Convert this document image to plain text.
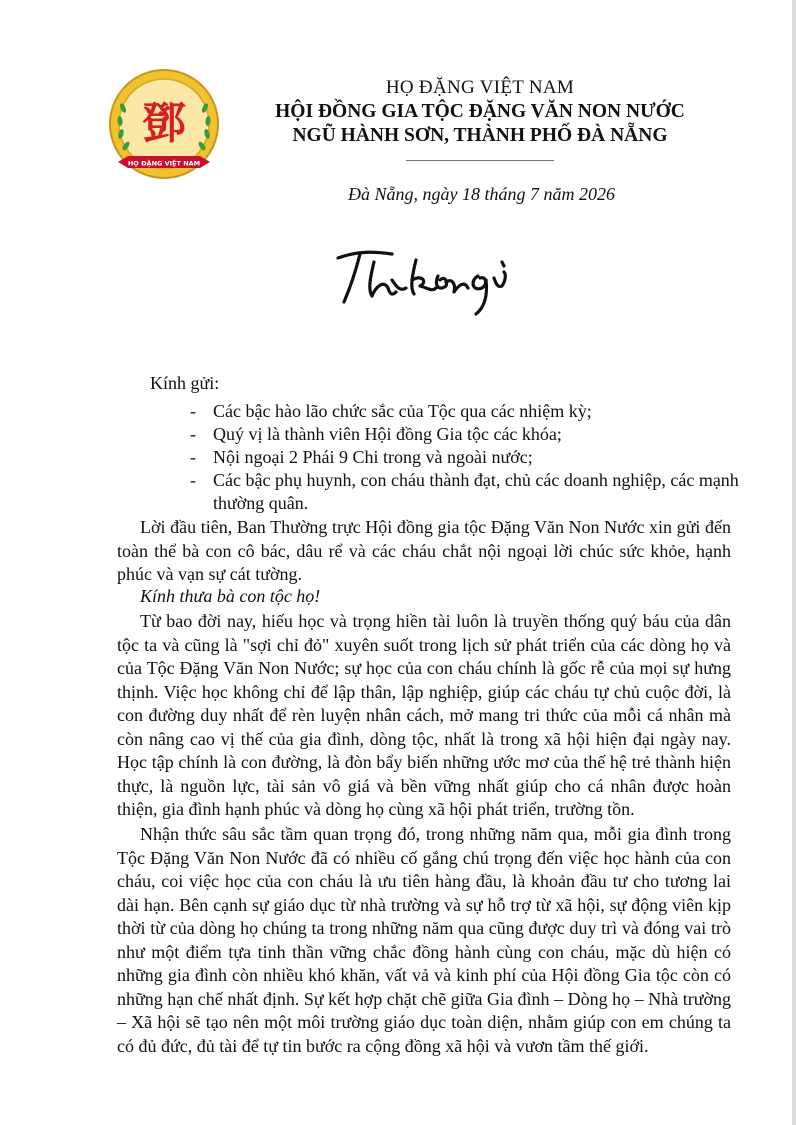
鄧
HỌ ĐẶNG VIỆT NAM
HỌ ĐẶNG VIỆT NAM
HỘI ĐỒNG GIA TỘC ĐẶNG VĂN NON NƯỚC
NGŨ HÀNH SƠN, THÀNH PHỐ ĐÀ NẴNG
Đà Nẵng, ngày 18 tháng 7 năm 2026
Kính gửi:
- Các bậc hào lão chức sắc của Tộc qua các nhiệm kỳ;
- Quý vị là thành viên Hội đồng Gia tộc các khóa;
- Nội ngoại 2 Phái 9 Chi trong và ngoài nước;
- Các bậc phụ huynh, con cháu thành đạt, chủ các doanh nghiệp, các mạnh thường quân.

Lời đầu tiên, Ban Thường trực Hội đồng gia tộc Đặng Văn Non Nước xin gửi đến toàn thể bà con cô bác, dâu rể và các cháu chắt nội ngoại lời chúc sức khỏe, hạnh phúc và vạn sự cát tường.

Kính thưa bà con tộc họ!

Từ bao đời nay, hiếu học và trọng hiền tài luôn là truyền thống quý báu của dân tộc ta và cũng là "sợi chỉ đỏ" xuyên suốt trong lịch sử phát triển của các dòng họ và của Tộc Đặng Văn Non Nước; sự học của con cháu chính là gốc rễ của mọi sự hưng thịnh. Việc học không chỉ để lập thân, lập nghiệp, giúp các cháu tự chủ cuộc đời, là con đường duy nhất để rèn luyện nhân cách, mở mang tri thức của mỗi cá nhân mà còn nâng cao vị thế của gia đình, dòng tộc, nhất là trong xã hội hiện đại ngày nay. Học tập chính là con đường, là đòn bẩy biến những ước mơ của thế hệ trẻ thành hiện thực, là nguồn lực, tài sản vô giá và bền vững nhất giúp cho cá nhân được hoàn thiện, gia đình hạnh phúc và dòng họ cùng xã hội phát triển, trường tồn.

Nhận thức sâu sắc tầm quan trọng đó, trong những năm qua, mỗi gia đình trong Tộc Đặng Văn Non Nước đã có nhiều cố gắng chú trọng đến việc học hành của con cháu, coi việc học của con cháu là ưu tiên hàng đầu, là khoản đầu tư cho tương lai dài hạn. Bên cạnh sự giáo dục từ nhà trường và sự hỗ trợ từ xã hội, sự động viên kịp thời từ của dòng họ chúng ta trong những năm qua cũng được duy trì và đóng vai trò như một điểm tựa tinh thần vững chắc đồng hành cùng con cháu, mặc dù hiện có những gia đình còn nhiều khó khăn, vất vả và kinh phí của Hội đồng Gia tộc còn có những hạn chế nhất định. Sự kết hợp chặt chẽ giữa Gia đình – Dòng họ – Nhà trường – Xã hội sẽ tạo nên một môi trường giáo dục toàn diện, nhằm giúp con em chúng ta có đủ đức, đủ tài để tự tin bước ra cộng đồng xã hội và vươn tầm thế giới.
